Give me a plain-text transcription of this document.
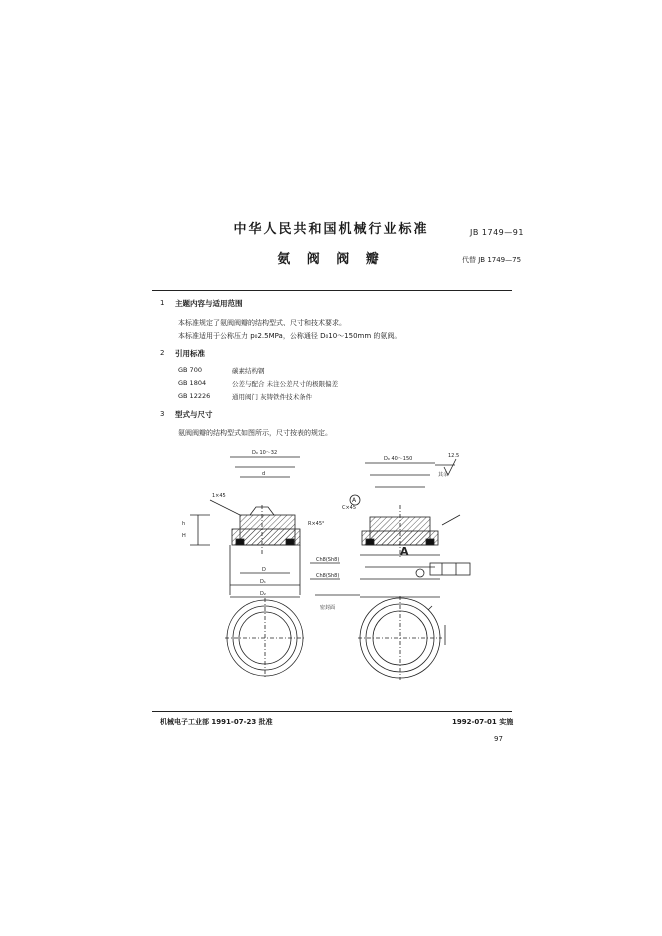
中华人民共和国机械行业标准
氨 阀 阀 瓣
JB 1749—91
代替 JB 1749—75
1 主题内容与适用范围
本标准规定了氨阀阀瓣的结构型式、尺寸和技术要求。
本标准适用于公称压力 p₀2.5MPa，公称通径 D₀10～150mm 的氨阀。
2 引用标准
GB 700	碳素结构钢
GB 1804	公差与配合 未注公差尺寸的极限偏差
GB 12226	通用阀门 灰铸铁件技术条件
3 型式与尺寸
氨阀阀瓣的结构型式如图所示，尺寸按表的规定。
D₀ 10～32
D₀ 40～150
A
A
12.5
其余
密封面
C×45
R×45°
1×45
Ch8(Sh8)
Ch8(Sh8)
d
D
D₁
D₂
h
H
机械电子工业部 1991-07-23 批准	1992-07-01 实施
97
